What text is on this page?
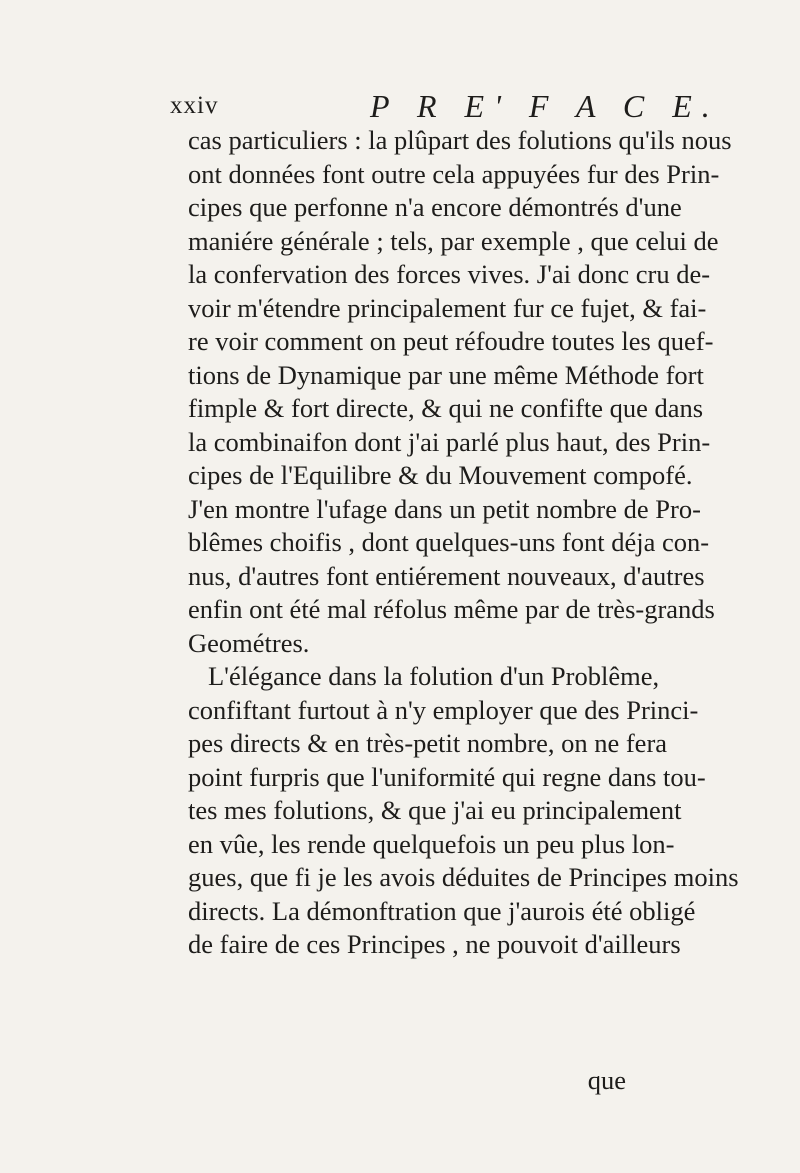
xxiv	P R E' F A C E.
cas particuliers : la plûpart des folutions qu'ils nous
ont données font outre cela appuyées fur des Prin-
cipes que perfonne n'a encore démontrés d'une
maniére générale ; tels, par exemple , que celui de
la confervation des forces vives. J'ai donc cru de-
voir m'étendre principalement fur ce fujet, & fai-
re voir comment on peut réfoudre toutes les quef-
tions de Dynamique par une même Méthode fort
fimple & fort directe, & qui ne confifte que dans
la combinaifon dont j'ai parlé plus haut, des Prin-
cipes de l'Equilibre & du Mouvement compofé.
J'en montre l'ufage dans un petit nombre de Pro-
blêmes choifis , dont quelques-uns font déja con-
nus, d'autres font entiérement nouveaux, d'autres
enfin ont été mal réfolus même par de très-grands
Geométres.
L'élégance dans la folution d'un Problême,
confiftant furtout à n'y employer que des Princi-
pes directs & en très-petit nombre, on ne fera
point furpris que l'uniformité qui regne dans tou-
tes mes folutions, & que j'ai eu principalement
en vûe, les rende quelquefois un peu plus lon-
gues, que fi je les avois déduites de Principes moins
directs. La démonftration que j'aurois été obligé
de faire de ces Principes , ne pouvoit d'ailleurs
que
